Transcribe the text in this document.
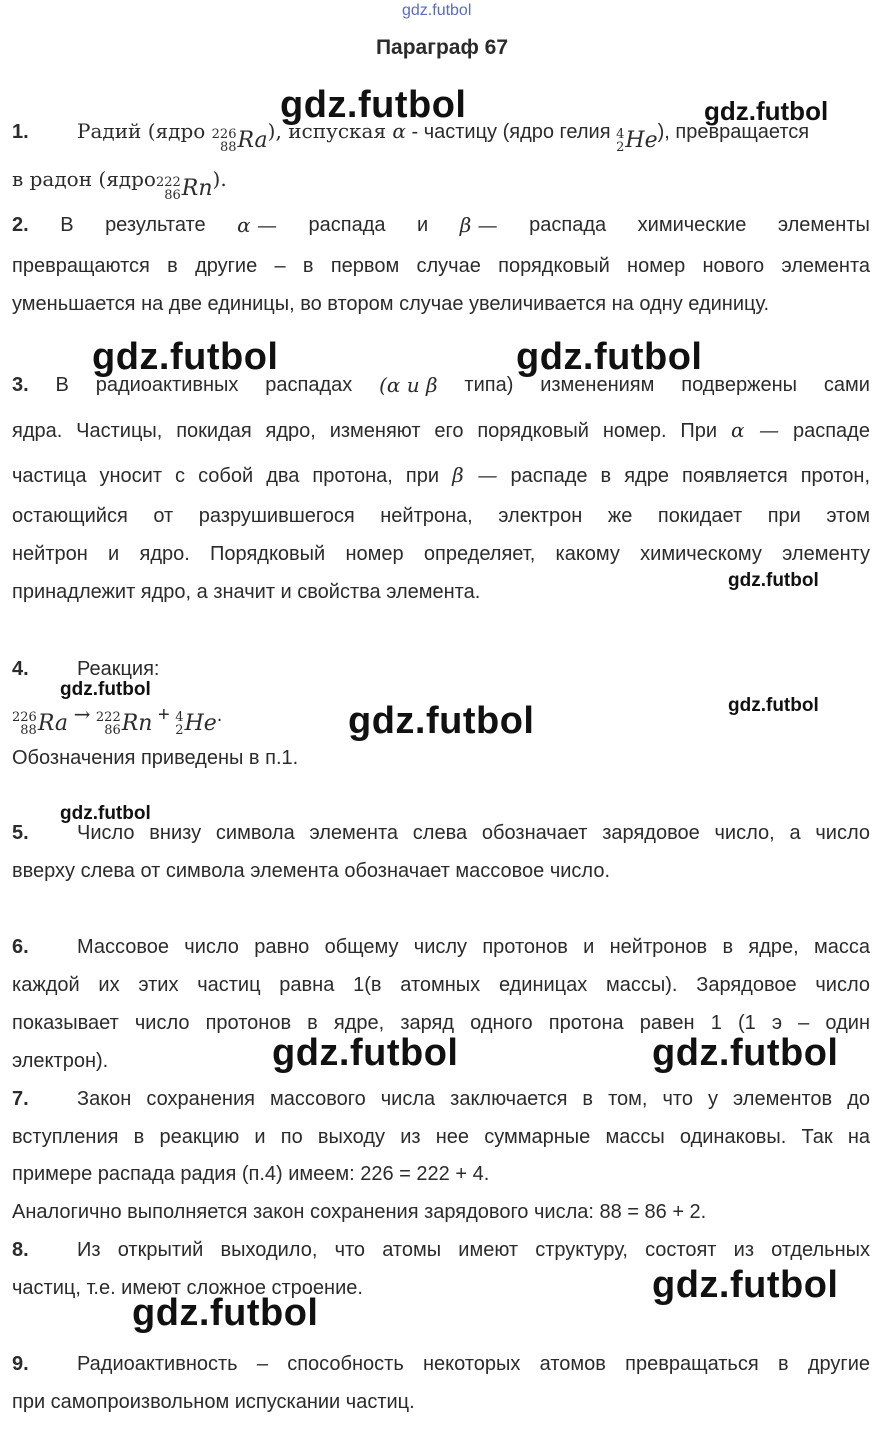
gdz.futbol
Параграф 67
gdz.futbol	gdz.futbol
gdz.futbol	gdz.futbol
gdz.futbol
gdz.futbol
gdz.futbol
gdz.futbol
gdz.futbol
gdz.futbol	gdz.futbol
gdz.futbol
gdz.futbol
1. Радий (ядро 226
88 Ra ), испуская α - частицу (ядро гелия 4
2 He ), превращается
в радон (ядро 222
86 Rn ).
2. В результате α — распада и β — распада химические элементы
превращаются в другие – в первом случае порядковый номер нового элемента
уменьшается на две единицы, во втором случае увеличивается на одну единицу.
3. В радиоактивных распадах (α и β типа) изменениям подвержены сами
ядра. Частицы, покидая ядро, изменяют его порядковый номер. При α — распаде
частица уносит с собой два протона, при β — распаде в ядре появляется протон,
остающийся от разрушившегося нейтрона, электрон же покидает при этом
нейтрон и ядро. Порядковый номер определяет, какому химическому элементу
принадлежит ядро, а значит и свойства элемента.
4. Реакция:
226
88 Ra → 222
86 Rn + 4
2 He .
Обозначения приведены в п.1.
5. Число внизу символа элемента слева обозначает зарядовое число, а число
вверху слева от символа элемента обозначает массовое число.
6. Массовое число равно общему числу протонов и нейтронов в ядре, масса
каждой их этих частиц равна 1(в атомных единицах массы). Зарядовое число
показывает число протонов в ядре, заряд одного протона равен 1 (1 э – один
электрон).
7. Закон сохранения массового числа заключается в том, что у элементов до
вступления в реакцию и по выходу из нее суммарные массы одинаковы. Так на
примере распада радия (п.4) имеем: 226 = 222 + 4.
Аналогично выполняется закон сохранения зарядового числа: 88 = 86 + 2.
8. Из открытий выходило, что атомы имеют структуру, состоят из отдельных
частиц, т.е. имеют сложное строение.
9. Радиоактивность – способность некоторых атомов превращаться в другие
при самопроизвольном испускании частиц.
